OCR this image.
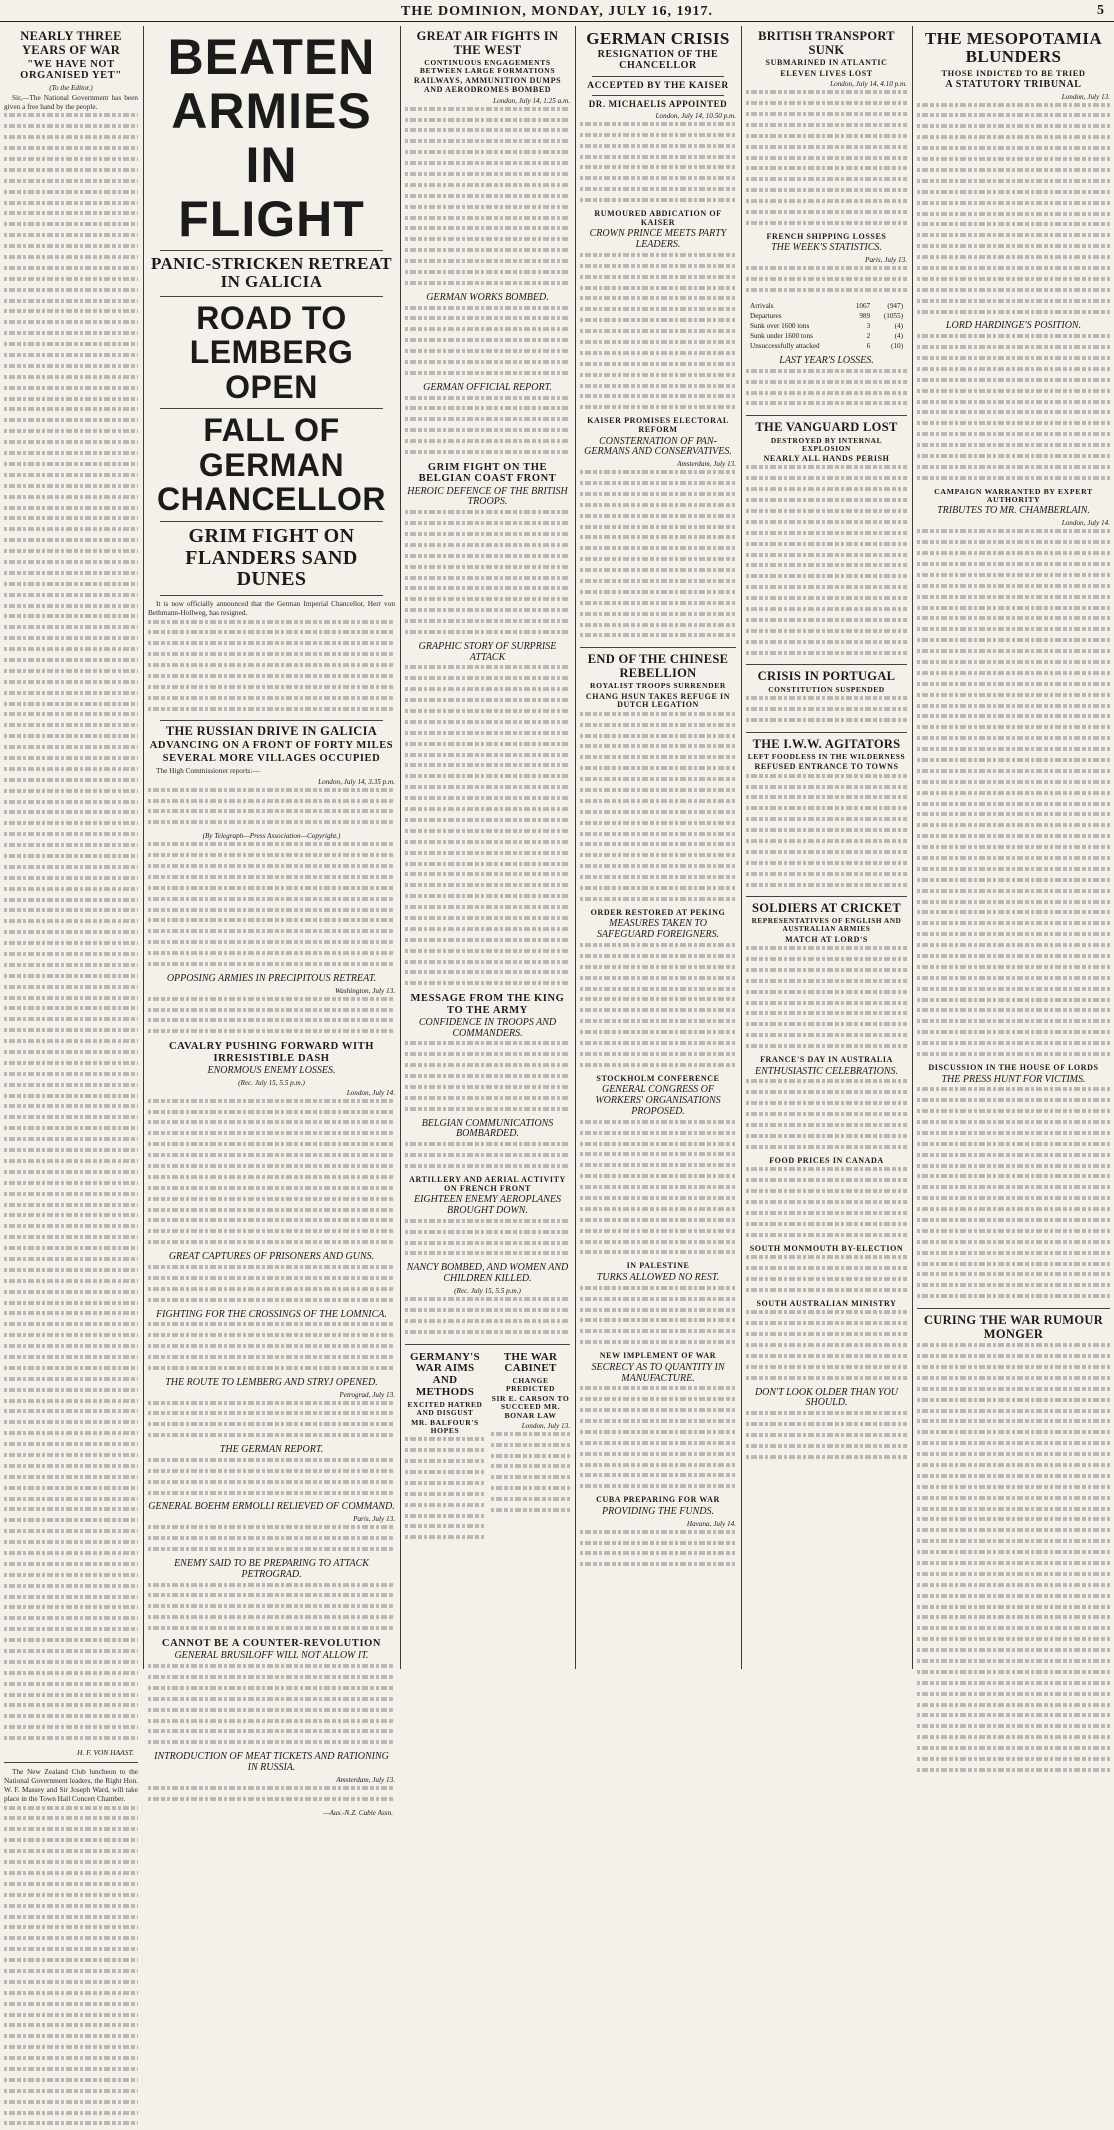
THE DOMINION, MONDAY, JULY 16, 1917.	5
NEARLY THREE YEARS OF WAR
"WE HAVE NOT ORGANISED YET"
(To the Editor.)
Sir,—The National Government has been given a free hand by the people.
H. F. VON HAAST.
The New Zealand Club luncheon to the National Government leaders, the Right Hon. W. F. Massey and Sir Joseph Ward, will take place in the Town Hall Concert Chamber.
BEATEN ARMIES IN FLIGHT
PANIC-STRICKEN RETREAT IN GALICIA
ROAD TO LEMBERG OPEN
FALL OF GERMAN CHANCELLOR
GRIM FIGHT ON FLANDERS SAND DUNES
It is now officially announced that the German Imperial Chancellor, Herr von Bethmann-Hollweg, has resigned.
THE RUSSIAN DRIVE IN GALICIA
ADVANCING ON A FRONT OF FORTY MILES
SEVERAL MORE VILLAGES OCCUPIED
The High Commissioner reports:—
London, July 14, 3.35 p.m.
(By Telegraph—Press Association—Copyright.)
OPPOSING ARMIES IN PRECIPITOUS RETREAT.
Washington, July 13.
CAVALRY PUSHING FORWARD WITH IRRESISTIBLE DASH
ENORMOUS ENEMY LOSSES.
(Rec. July 15, 5.5 p.m.)
London, July 14.
GREAT CAPTURES OF PRISONERS AND GUNS.
FIGHTING FOR THE CROSSINGS OF THE LOMNICA.
THE ROUTE TO LEMBERG AND STRYJ OPENED.
Petrograd, July 13.
THE GERMAN REPORT.
GENERAL BOEHM ERMOLLI RELIEVED OF COMMAND.
Paris, July 13.
ENEMY SAID TO BE PREPARING TO ATTACK PETROGRAD.
CANNOT BE A COUNTER-REVOLUTION
GENERAL BRUSILOFF WILL NOT ALLOW IT.
INTRODUCTION OF MEAT TICKETS AND RATIONING IN RUSSIA.
Amsterdam, July 13.
—Aus.-N.Z. Cable Assn.
GREAT AIR FIGHTS IN THE WEST
CONTINUOUS ENGAGEMENTS BETWEEN LARGE FORMATIONS
RAILWAYS, AMMUNITION DUMPS AND AERODROMES BOMBED
London, July 14, 1.25 a.m.
GERMAN WORKS BOMBED.
GERMAN OFFICIAL REPORT.
GRIM FIGHT ON THE BELGIAN COAST FRONT
HEROIC DEFENCE OF THE BRITISH TROOPS.
GRAPHIC STORY OF SURPRISE ATTACK
MESSAGE FROM THE KING TO THE ARMY
CONFIDENCE IN TROOPS AND COMMANDERS.
BELGIAN COMMUNICATIONS BOMBARDED.
ARTILLERY AND AERIAL ACTIVITY ON FRENCH FRONT
EIGHTEEN ENEMY AEROPLANES BROUGHT DOWN.
NANCY BOMBED, AND WOMEN AND CHILDREN KILLED.
(Rec. July 15, 5.5 p.m.)
GERMANY'S WAR AIMS AND METHODS
EXCITED HATRED AND DISGUST
MR. BALFOUR'S HOPES
THE WAR CABINET
CHANGE PREDICTED
SIR E. CARSON TO SUCCEED MR. BONAR LAW
London, July 13.
GERMAN CRISIS
RESIGNATION OF THE CHANCELLOR
ACCEPTED BY THE KAISER
DR. MICHAELIS APPOINTED
London, July 14, 10.50 p.m.
RUMOURED ABDICATION OF KAISER
CROWN PRINCE MEETS PARTY LEADERS.
KAISER PROMISES ELECTORAL REFORM
CONSTERNATION OF PAN-GERMANS AND CONSERVATIVES.
Amsterdam, July 13.
END OF THE CHINESE REBELLION
ROYALIST TROOPS SURRENDER
CHANG HSUN TAKES REFUGE IN DUTCH LEGATION
ORDER RESTORED AT PEKING
MEASURES TAKEN TO SAFEGUARD FOREIGNERS.
STOCKHOLM CONFERENCE
GENERAL CONGRESS OF WORKERS' ORGANISATIONS PROPOSED.
IN PALESTINE
TURKS ALLOWED NO REST.
NEW IMPLEMENT OF WAR
SECRECY AS TO QUANTITY IN MANUFACTURE.
CUBA PREPARING FOR WAR
PROVIDING THE FUNDS.
Havana, July 14.
BRITISH TRANSPORT SUNK
SUBMARINED IN ATLANTIC
ELEVEN LIVES LOST
London, July 14, 4.10 p.m.
FRENCH SHIPPING LOSSES
THE WEEK'S STATISTICS.
Paris, July 13.
Arrivals	1067	(947)
Departures	989	(1055)
Sunk over 1600 tons	3	(4)
Sunk under 1600 tons	2	(4)
Unsuccessfully attacked	6	(10)
LAST YEAR'S LOSSES.
THE VANGUARD LOST
DESTROYED BY INTERNAL EXPLOSION
NEARLY ALL HANDS PERISH
CRISIS IN PORTUGAL
CONSTITUTION SUSPENDED
THE I.W.W. AGITATORS
LEFT FOODLESS IN THE WILDERNESS
REFUSED ENTRANCE TO TOWNS
SOLDIERS AT CRICKET
REPRESENTATIVES OF ENGLISH AND AUSTRALIAN ARMIES
MATCH AT LORD'S
FRANCE'S DAY IN AUSTRALIA
ENTHUSIASTIC CELEBRATIONS.
FOOD PRICES IN CANADA
SOUTH MONMOUTH BY-ELECTION
SOUTH AUSTRALIAN MINISTRY
DON'T LOOK OLDER THAN YOU SHOULD.
THE MESOPOTAMIA BLUNDERS
THOSE INDICTED TO BE TRIED
A STATUTORY TRIBUNAL
London, July 13.
LORD HARDINGE'S POSITION.
CAMPAIGN WARRANTED BY EXPERT AUTHORITY
TRIBUTES TO MR. CHAMBERLAIN.
London, July 14.
DISCUSSION IN THE HOUSE OF LORDS
THE PRESS HUNT FOR VICTIMS.
CURING THE WAR RUMOUR MONGER
